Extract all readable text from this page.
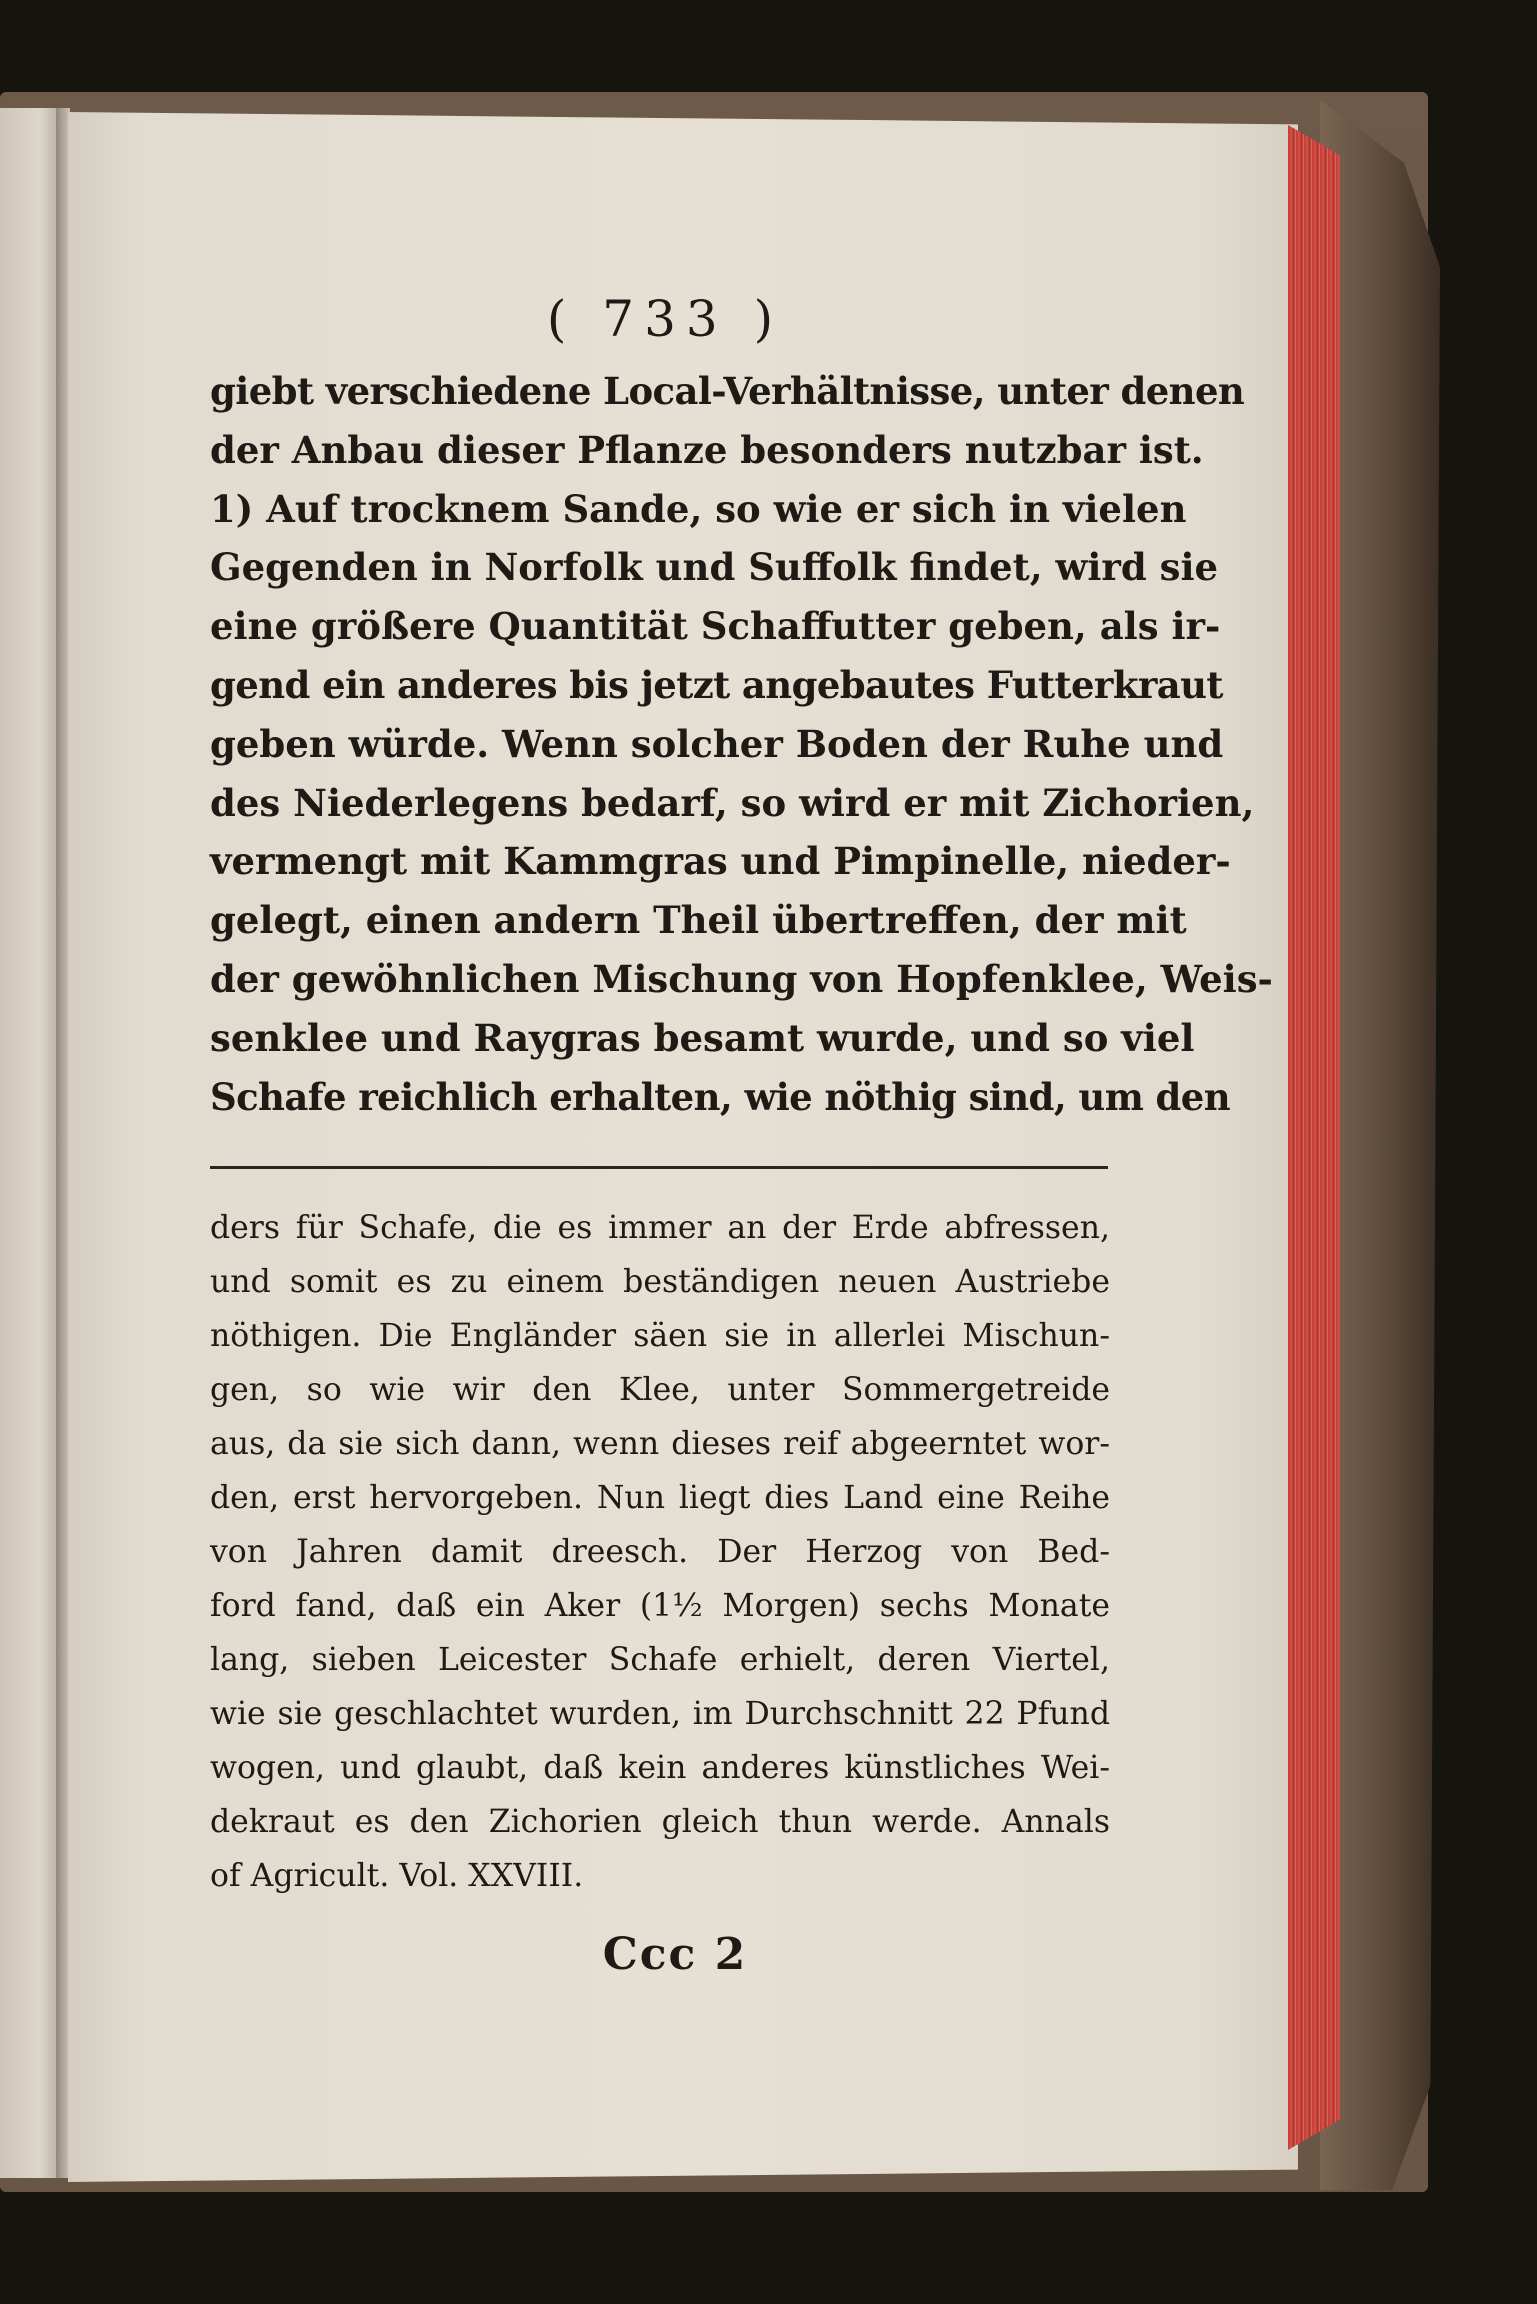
( 733 )
giebt verschiedene Local-Verhältnisse, unter denen
der Anbau dieser Pflanze besonders nutzbar ist.
1) Auf trocknem Sande, so wie er sich in vielen
Gegenden in Norfolk und Suffolk findet, wird sie
eine größere Quantität Schaffutter geben, als ir-
gend ein anderes bis jetzt angebautes Futterkraut
geben würde. Wenn solcher Boden der Ruhe und
des Niederlegens bedarf, so wird er mit Zichorien,
vermengt mit Kammgras und Pimpinelle, nieder-
gelegt, einen andern Theil übertreffen, der mit
der gewöhnlichen Mischung von Hopfenklee, Weis-
senklee und Raygras besamt wurde, und so viel
Schafe reichlich erhalten, wie nöthig sind, um den
ders für Schafe, die es immer an der Erde abfressen,
und somit es zu einem beständigen neuen Austriebe
nöthigen. Die Engländer säen sie in allerlei Mischun-
gen, so wie wir den Klee, unter Sommergetreide
aus, da sie sich dann, wenn dieses reif abgeerntet wor-
den, erst hervorgeben. Nun liegt dies Land eine Reihe
von Jahren damit dreesch. Der Herzog von Bed-
ford fand, daß ein Aker (1½ Morgen) sechs Monate
lang, sieben Leicester Schafe erhielt, deren Viertel,
wie sie geschlachtet wurden, im Durchschnitt 22 Pfund
wogen, und glaubt, daß kein anderes künstliches Wei-
dekraut es den Zichorien gleich thun werde. Annals
of Agricult. Vol. XXVIII.
Ccc 2
